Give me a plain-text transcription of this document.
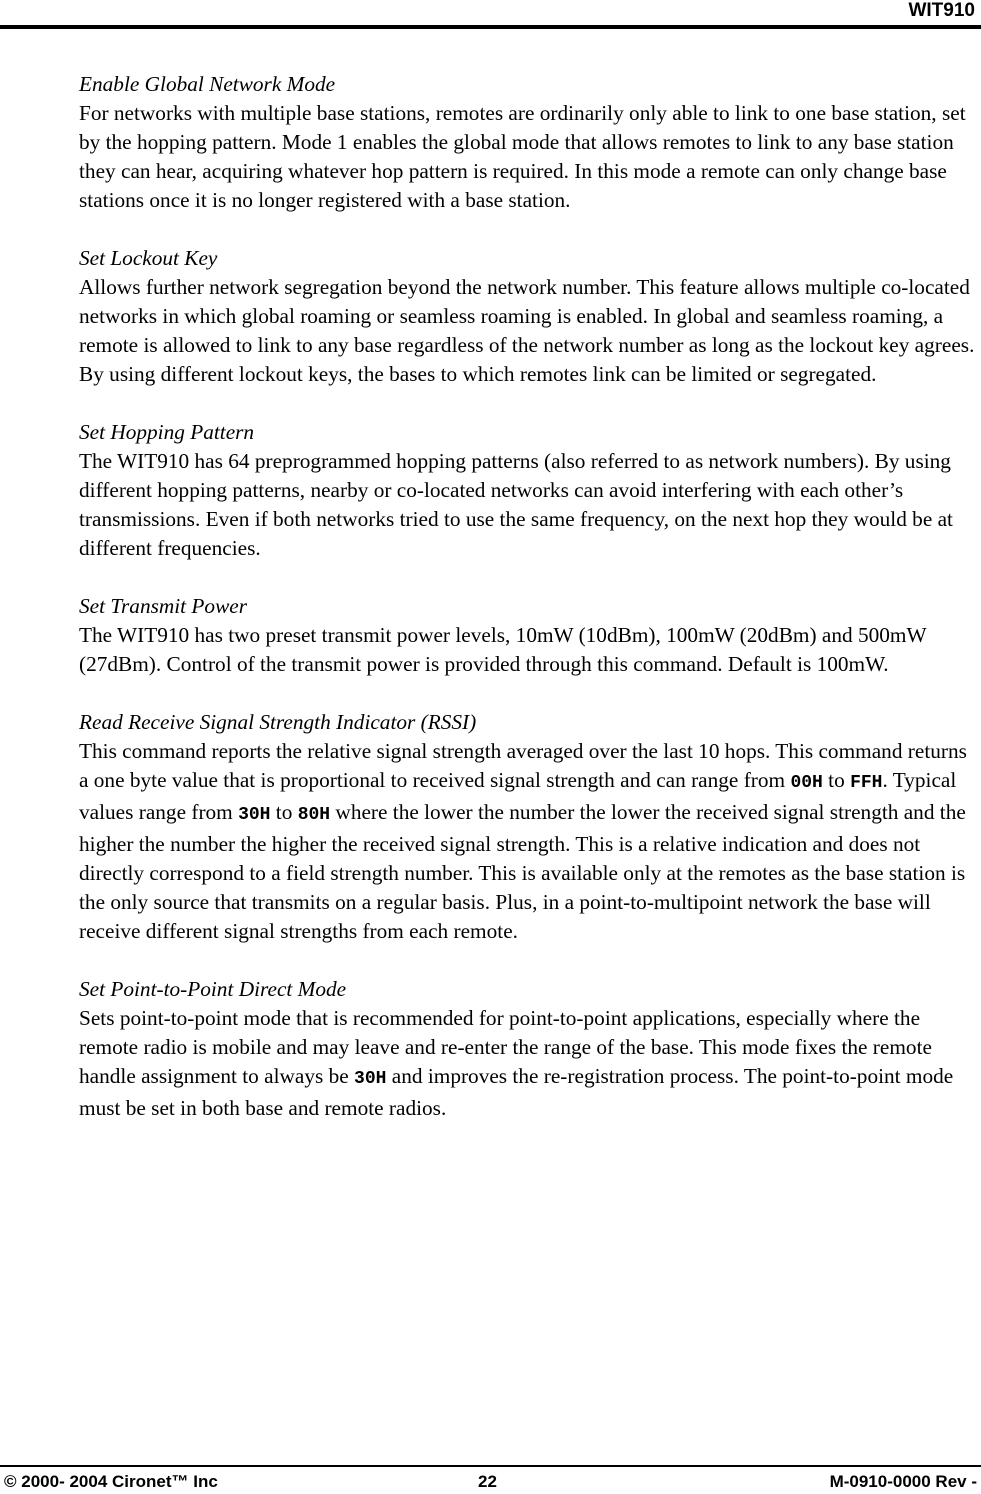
WIT910
Enable Global Network Mode
For networks with multiple base stations, remotes are ordinarily only able to link to one base station, set by the hopping pattern. Mode 1 enables the global mode that allows remotes to link to any base station they can hear, acquiring whatever hop pattern is required. In this mode a remote can only change base stations once it is no longer registered with a base station.
Set Lockout Key
Allows further network segregation beyond the network number. This feature allows multiple co-located networks in which global roaming or seamless roaming is enabled. In global and seamless roaming, a remote is allowed to link to any base regardless of the network number as long as the lockout key agrees. By using different lockout keys, the bases to which remotes link can be limited or segregated.
Set Hopping Pattern
The WIT910 has 64 preprogrammed hopping patterns (also referred to as network numbers). By using different hopping patterns, nearby or co-located networks can avoid interfering with each other’s transmissions. Even if both networks tried to use the same frequency, on the next hop they would be at different frequencies.
Set Transmit Power
The WIT910 has two preset transmit power levels, 10mW (10dBm), 100mW (20dBm) and 500mW (27dBm). Control of the transmit power is provided through this command. Default is 100mW.
Read Receive Signal Strength Indicator (RSSI)
This command reports the relative signal strength averaged over the last 10 hops. This command returns a one byte value that is proportional to received signal strength and can range from 00H to FFH. Typical values range from 30H to 80H where the lower the number the lower the received signal strength and the higher the number the higher the received signal strength. This is a relative indication and does not directly correspond to a field strength number. This is available only at the remotes as the base station is the only source that transmits on a regular basis. Plus, in a point-to-multipoint network the base will receive different signal strengths from each remote.
Set Point-to-Point Direct Mode
Sets point-to-point mode that is recommended for point-to-point applications, especially where the remote radio is mobile and may leave and re-enter the range of the base. This mode fixes the remote handle assignment to always be 30H and improves the re-registration process. The point-to-point mode must be set in both base and remote radios.
© 2000- 2004 Cironet™ Inc	22	M-0910-0000 Rev -
